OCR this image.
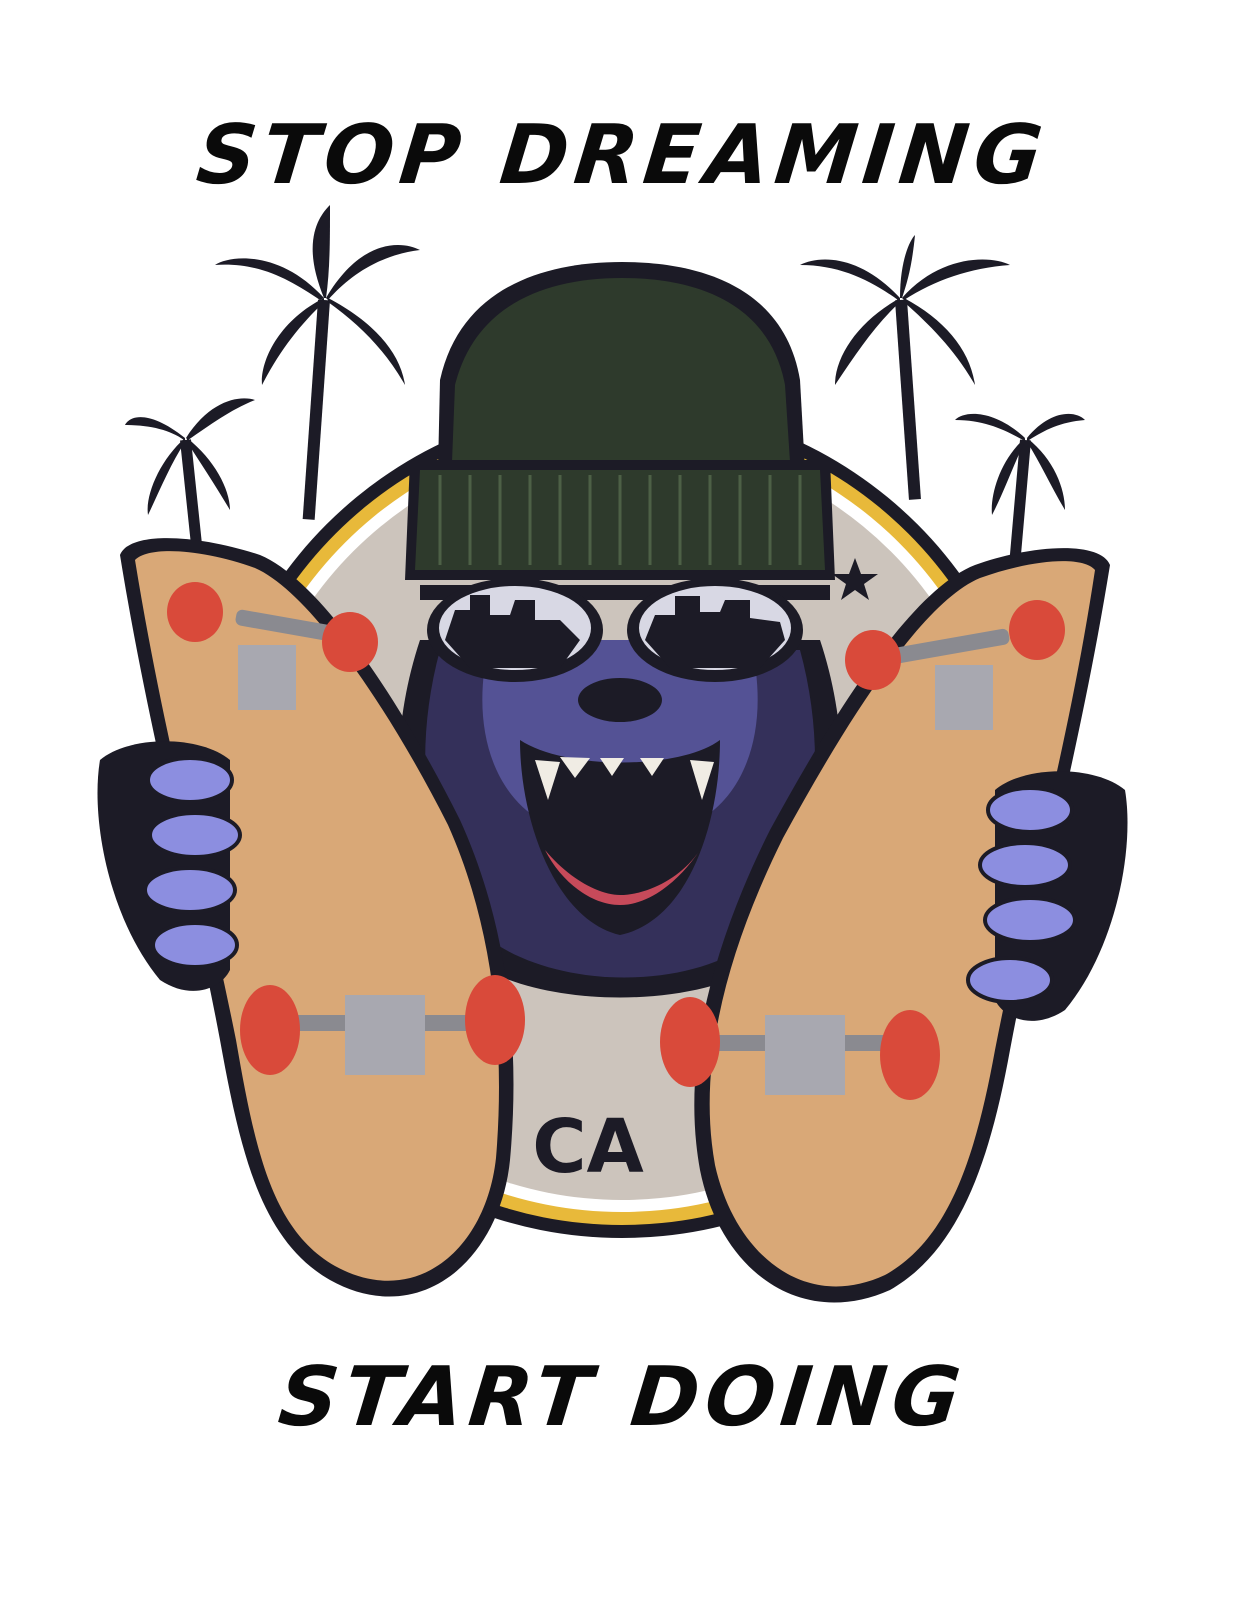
STOP DREAMING
CA
START DOING
